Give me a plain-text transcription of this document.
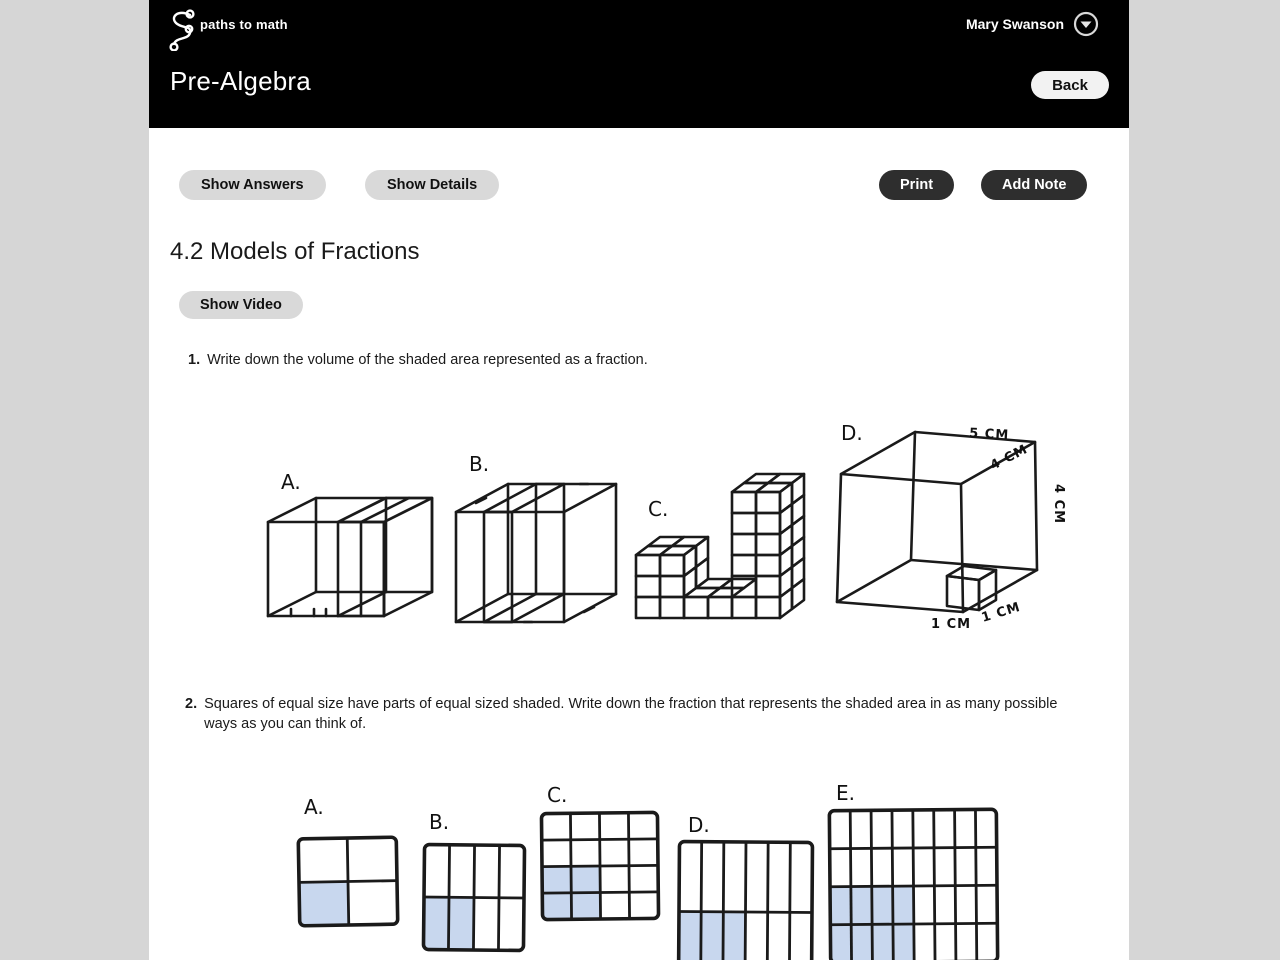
paths to math	Mary Swanson
Pre-Algebra	Back
Show Answers	Show Details	Print	Add Note
4.2 Models of Fractions
Show Video
1. Write down the volume of the shaded area represented as a fraction.
A.
B.
C.
D.	5 CM
4 CM
4 CM
1 CM 1 CM
2. Squares of equal size have parts of equal sized shaded. Write down the fraction that represents the shaded area in as many possible ways as you can think of.
A.
B.
C.
D.
E.
